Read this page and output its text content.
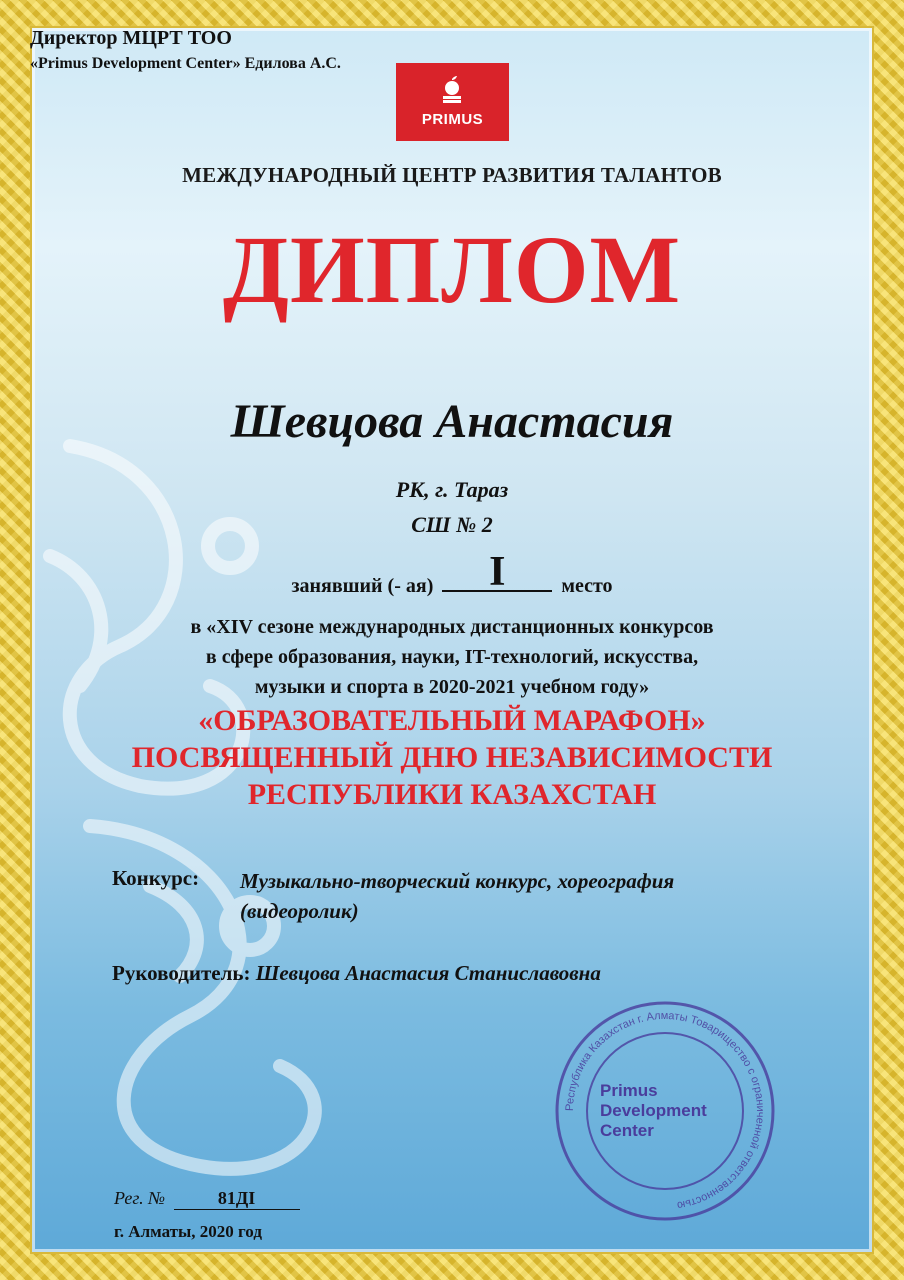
PRIMUS
МЕЖДУНАРОДНЫЙ ЦЕНТР РАЗВИТИЯ ТАЛАНТОВ
ДИПЛОМ
Шевцова Анастасия
РК, г. Тараз
СШ № 2
занявший (- ая)	I	место
в «XIV сезоне международных дистанционных конкурсов
в сфере образования, науки, IT-технологий, искусства,
музыки и спорта в 2020-2021 учебном году»
«ОБРАЗОВАТЕЛЬНЫЙ МАРАФОН»
ПОСВЯЩЕННЫЙ ДНЮ НЕЗАВИСИМОСТИ
РЕСПУБЛИКИ КАЗАХСТАН
Конкурс: Музыкально-творческий конкурс, хореография
(видеоролик)
Руководитель: Шевцова Анастасия Станиславовна
Директор МЦРТ ТОО
«Primus Development Center» Едилова А.С.
Республика Казахстан г. Алматы Товарищество с ограниченной ответственностью
Primus
Development
Center
Рег. №	81ДI
г. Алматы, 2020 год
